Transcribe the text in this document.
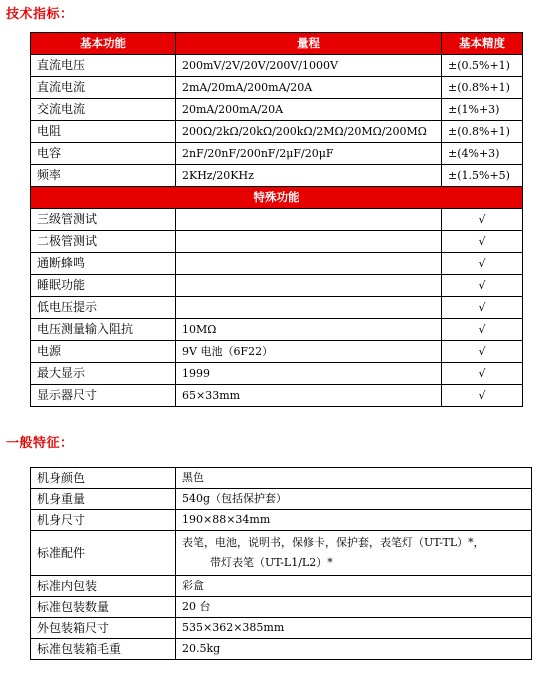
技术指标：
基本功能	量程	基本精度
直流电压	200mV/2V/20V/200V/1000V	±(0.5%+1)
直流电流	2mA/20mA/200mA/20A	±(0.8%+1)
交流电流	20mA/200mA/20A	±(1%+3)
电阻	200Ω/2kΩ/20kΩ/200kΩ/2MΩ/20MΩ/200MΩ	±(0.8%+1)
电容	2nF/20nF/200nF/2μF/20μF	±(4%+3)
频率	2KHz/20KHz	±(1.5%+5)
特殊功能		
三级管测试		√
二极管测试		√
通断蜂鸣		√
睡眠功能		√
低电压提示		√
电压测量输入阻抗	10MΩ	√
电源	9V 电池（6F22）	√
最大显示	1999	√
显示器尺寸	65×33mm	√
一般特征：
机身颜色	黑色
机身重量	540g（包括保护套）
机身尺寸	190×88×34mm
标准配件	表笔，电池，说明书，保修卡，保护套，表笔灯（UT-TL）*，
带灯表笔（UT-L1/L2）*

标准内包装	彩盒
标准包装数量	20 台
外包装箱尺寸	535×362×385mm
标准包装箱毛重	20.5kg
